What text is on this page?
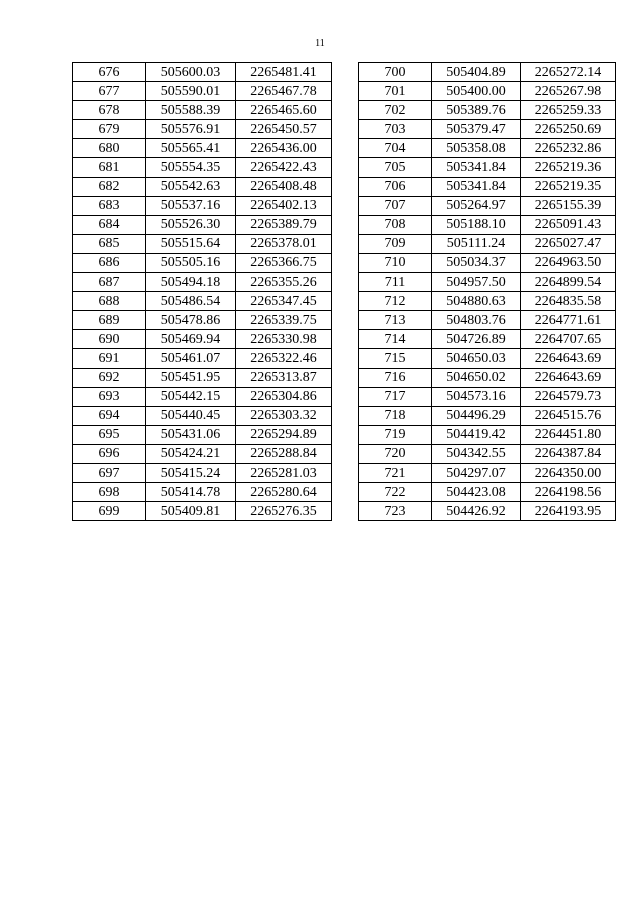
11
676	505600.03	2265481.41
677	505590.01	2265467.78
678	505588.39	2265465.60
679	505576.91	2265450.57
680	505565.41	2265436.00
681	505554.35	2265422.43
682	505542.63	2265408.48
683	505537.16	2265402.13
684	505526.30	2265389.79
685	505515.64	2265378.01
686	505505.16	2265366.75
687	505494.18	2265355.26
688	505486.54	2265347.45
689	505478.86	2265339.75
690	505469.94	2265330.98
691	505461.07	2265322.46
692	505451.95	2265313.87
693	505442.15	2265304.86
694	505440.45	2265303.32
695	505431.06	2265294.89
696	505424.21	2265288.84
697	505415.24	2265281.03
698	505414.78	2265280.64
699	505409.81	2265276.35
700	505404.89	2265272.14
701	505400.00	2265267.98
702	505389.76	2265259.33
703	505379.47	2265250.69
704	505358.08	2265232.86
705	505341.84	2265219.36
706	505341.84	2265219.35
707	505264.97	2265155.39
708	505188.10	2265091.43
709	505111.24	2265027.47
710	505034.37	2264963.50
711	504957.50	2264899.54
712	504880.63	2264835.58
713	504803.76	2264771.61
714	504726.89	2264707.65
715	504650.03	2264643.69
716	504650.02	2264643.69
717	504573.16	2264579.73
718	504496.29	2264515.76
719	504419.42	2264451.80
720	504342.55	2264387.84
721	504297.07	2264350.00
722	504423.08	2264198.56
723	504426.92	2264193.95
